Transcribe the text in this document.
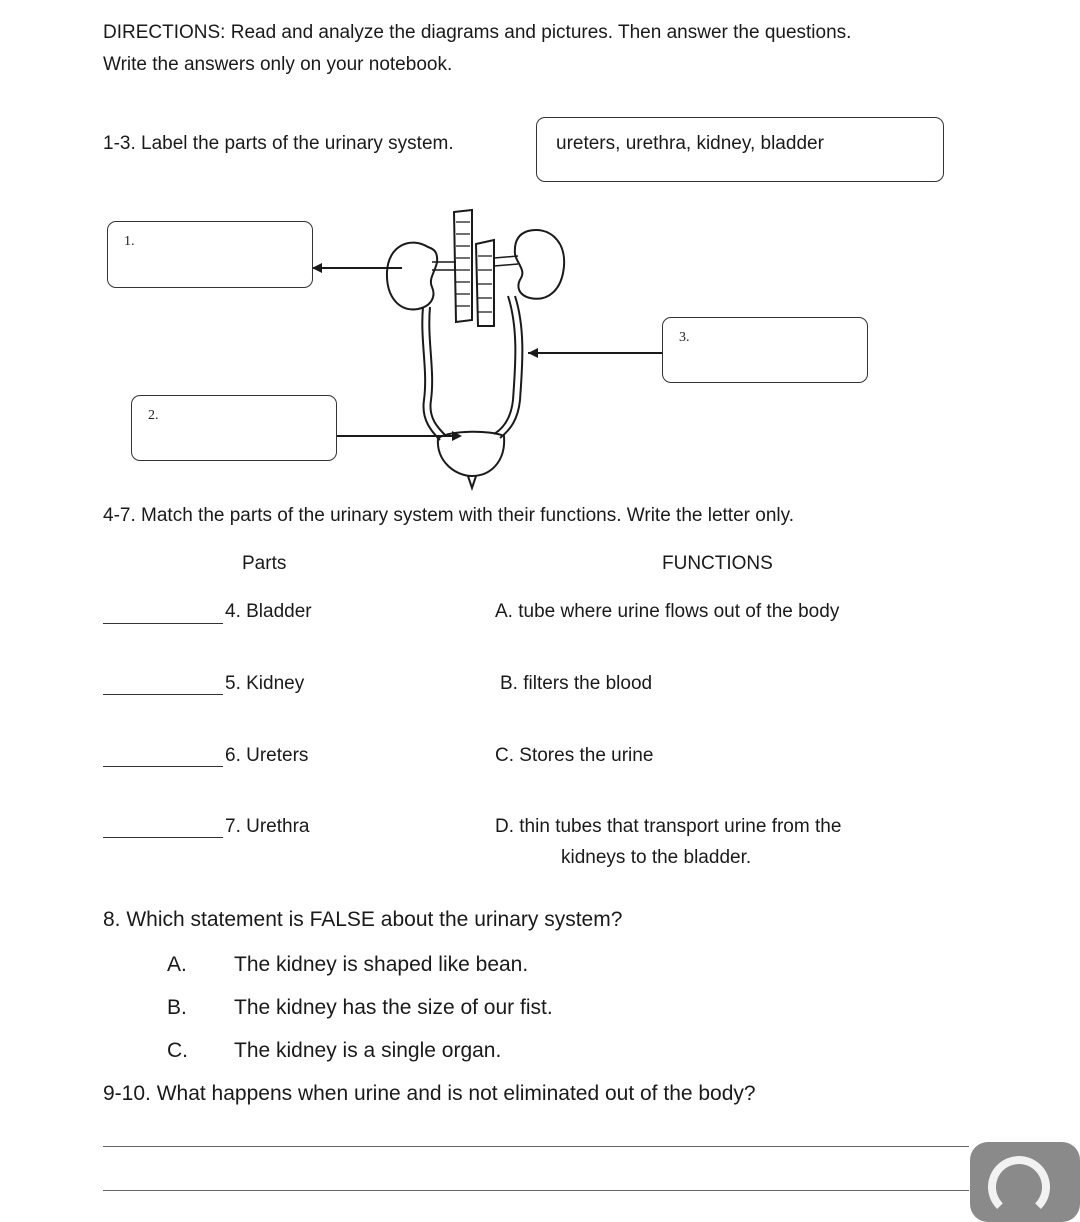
DIRECTIONS: Read and analyze the diagrams and pictures. Then answer the questions.
Write the answers only on your notebook.
1-3. Label the parts of the urinary system.	ureters, urethra, kidney, bladder
1.
2.
3.
4-7. Match the parts of the urinary system with their functions. Write the letter only.
Parts	FUNCTIONS
4. Bladder	A. tube where urine flows out of the body
5. Kidney	B. filters the blood
6. Ureters	C. Stores the urine
7. Urethra	D. thin tubes that transport urine from the
kidneys to the bladder.
8. Which statement is FALSE about the urinary system?
A. The kidney is shaped like bean.
B. The kidney has the size of our fist.
C. The kidney is a single organ.
9-10. What happens when urine and is not eliminated out of the body?
